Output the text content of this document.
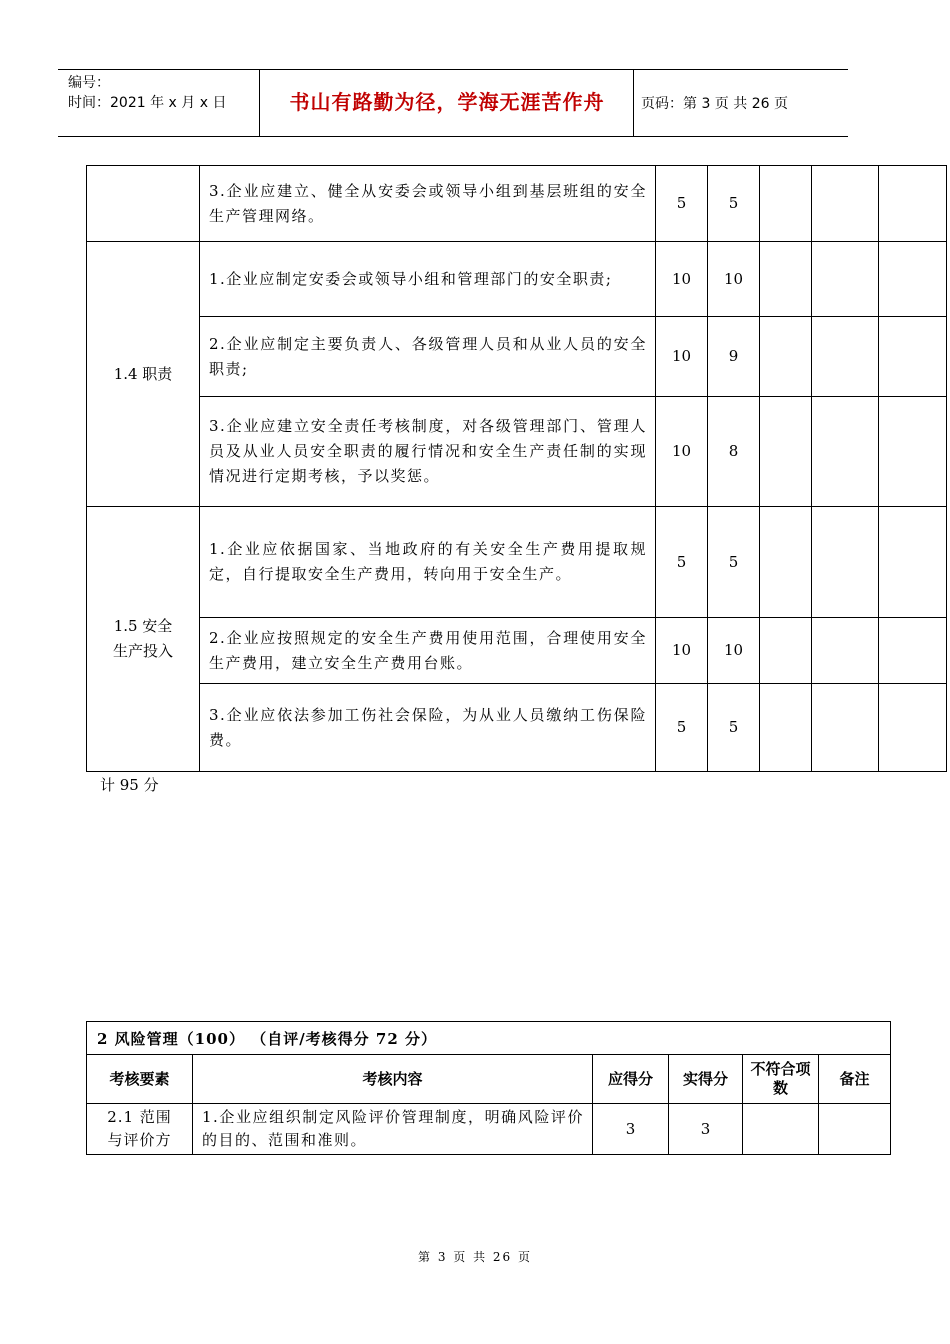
编号：
时间：2021 年 x 月 x 日	书山有路勤为径，学海无涯苦作舟	页码：第 3 页 共 26 页
	3.企业应建立、健全从安委会或领导小组到基层班组的安全生产管理网络。	5	5			
1.4 职责	1.企业应制定安委会或领导小组和管理部门的安全职责;	10	10			
	2.企业应制定主要负责人、各级管理人员和从业人员的安全职责;	10	9			
	3.企业应建立安全责任考核制度，对各级管理部门、管理人员及从业人员安全职责的履行情况和安全生产责任制的实现情况进行定期考核，予以奖惩。	10	8			
1.5 安全生产投入	1.企业应依据国家、当地政府的有关安全生产费用提取规定，自行提取安全生产费用，转向用于安全生产。	5	5			
	2.企业应按照规定的安全生产费用使用范围，合理使用安全生产费用，建立安全生产费用台账。	10	10			
	3.企业应依法参加工伤社会保险，为从业人员缴纳工伤保险费。	5	5			
计 95 分
2 风险管理（100） （自评/考核得分 72 分）					
考核要素	考核内容	应得分	实得分	不符合项数	备注
2.1 范围与评价方	1.企业应组织制定风险评价管理制度，明确风险评价的目的、范围和准则。	3	3		
第 3 页 共 26 页
